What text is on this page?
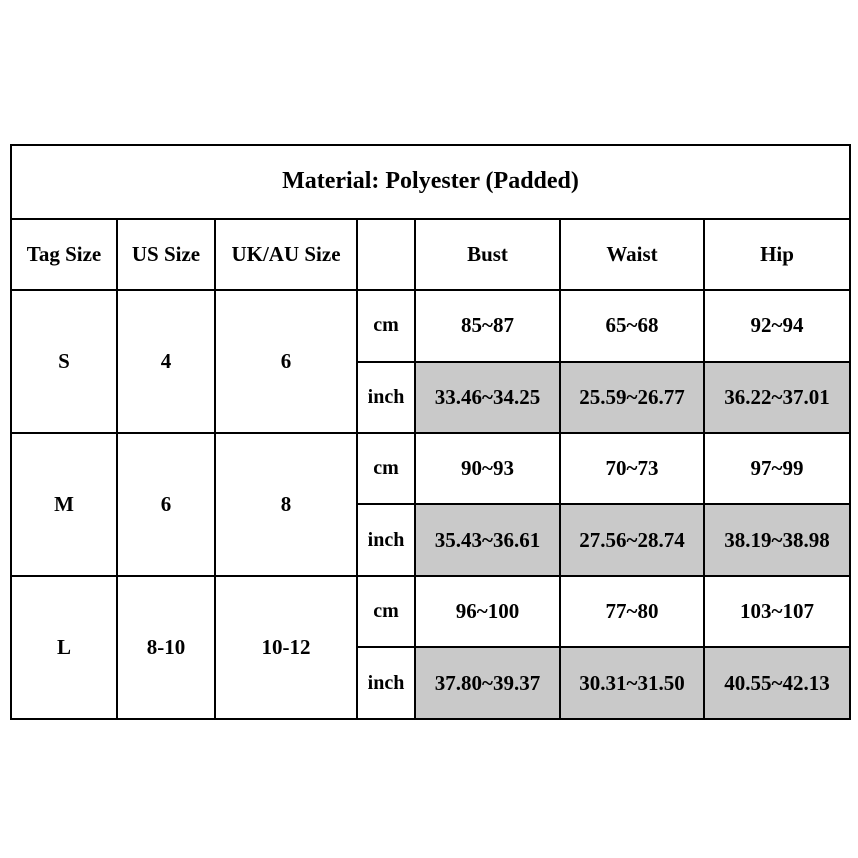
Material: Polyester (Padded)						
Tag Size	US Size	UK/AU Size		Bust	Waist	Hip
S	4	6	cm	85~87	65~68	92~94
			inch	33.46~34.25	25.59~26.77	36.22~37.01
M	6	8	cm	90~93	70~73	97~99
			inch	35.43~36.61	27.56~28.74	38.19~38.98
L	8-10	10-12	cm	96~100	77~80	103~107
			inch	37.80~39.37	30.31~31.50	40.55~42.13
